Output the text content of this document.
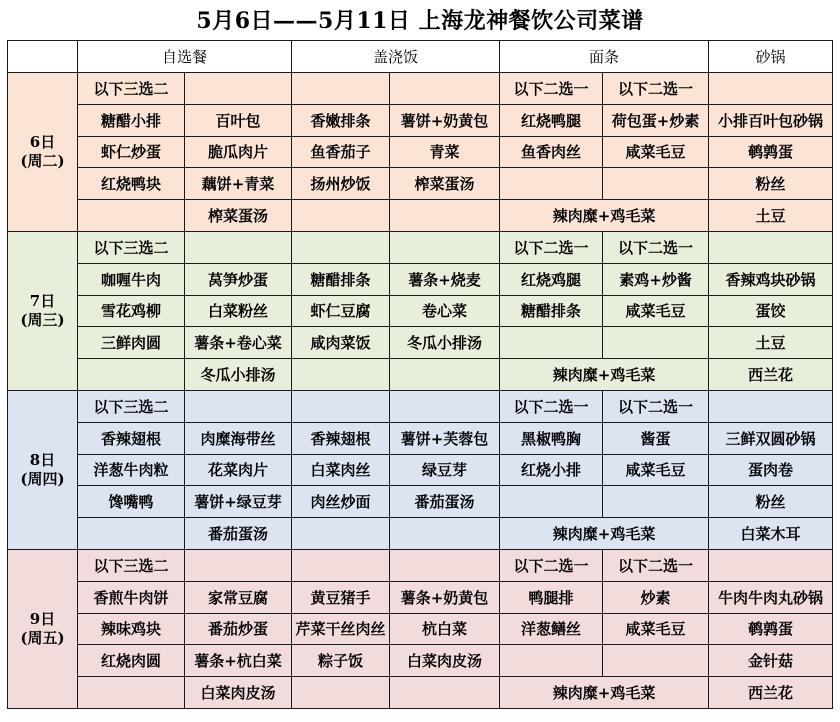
5月6日——5月11日 上海龙神餐饮公司菜谱
	自选餐		盖浇饭		面条		砂锅

6日
(周二)	以下三选二				以下二选一	以下二选一	
	糖醋小排	百叶包	香嫩排条	薯饼+奶黄包	红烧鸭腿	荷包蛋+炒素	小排百叶包砂锅
	虾仁炒蛋	脆瓜肉片	鱼香茄子	青菜	鱼香肉丝	咸菜毛豆	鹌鹑蛋
	红烧鸭块	藕饼+青菜	扬州炒饭	榨菜蛋汤			粉丝
		榨菜蛋汤			辣肉糜+鸡毛菜		土豆

7日
(周三)	以下三选二				以下二选一	以下二选一	
	咖喱牛肉	莴笋炒蛋	糖醋排条	薯条+烧麦	红烧鸡腿	素鸡+炒酱	香辣鸡块砂锅
	雪花鸡柳	白菜粉丝	虾仁豆腐	卷心菜	糖醋排条	咸菜毛豆	蛋饺
	三鲜肉圆	薯条+卷心菜	咸肉菜饭	冬瓜小排汤			土豆
		冬瓜小排汤			辣肉糜+鸡毛菜		西兰花

8日
(周四)	以下三选二				以下二选一	以下二选一	
	香辣翅根	肉糜海带丝	香辣翅根	薯饼+芙蓉包	黑椒鸭胸	酱蛋	三鲜双圆砂锅
	洋葱牛肉粒	花菜肉片	白菜肉丝	绿豆芽	红烧小排	咸菜毛豆	蛋肉卷
	馋嘴鸭	薯饼+绿豆芽	肉丝炒面	番茄蛋汤			粉丝
		番茄蛋汤			辣肉糜+鸡毛菜		白菜木耳

9日
(周五)	以下三选二				以下二选一	以下二选一	
	香煎牛肉饼	家常豆腐	黄豆猪手	薯条+奶黄包	鸭腿排	炒素	牛肉牛肉丸砂锅
	辣味鸡块	番茄炒蛋	芹菜干丝肉丝	杭白菜	洋葱鳝丝	咸菜毛豆	鹌鹑蛋
	红烧肉圆	薯条+杭白菜	粽子饭	白菜肉皮汤			金针菇
		白菜肉皮汤			辣肉糜+鸡毛菜		西兰花
